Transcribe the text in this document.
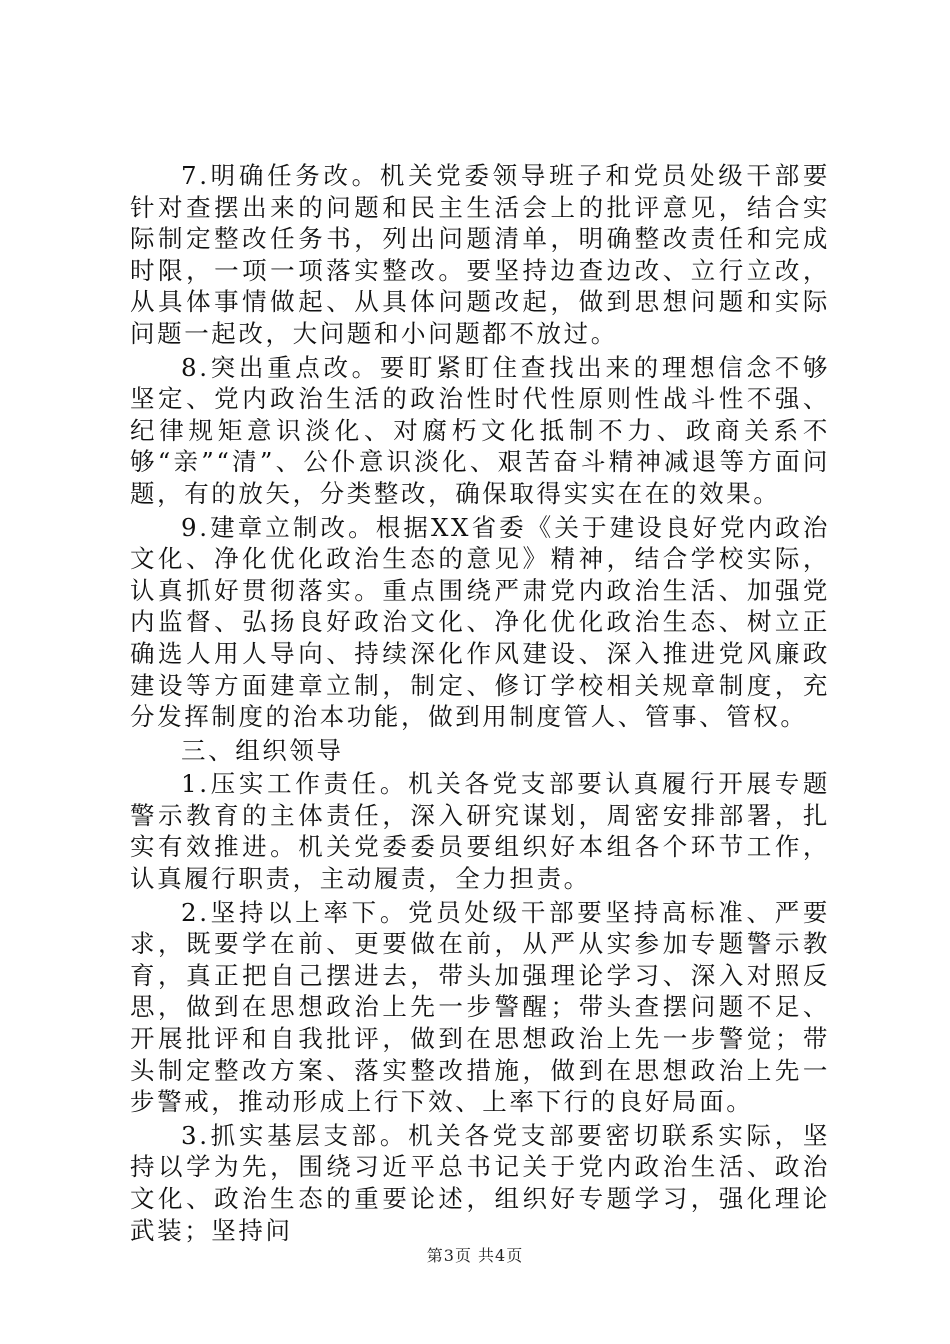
7.明确任务改。机关党委领导班子和党员处级干部要针对查摆出来的问题和民主生活会上的批评意见，结合实际制定整改任务书，列出问题清单，明确整改责任和完成时限，一项一项落实整改。要坚持边查边改、立行立改，从具体事情做起、从具体问题改起，做到思想问题和实际问题一起改，大问题和小问题都不放过。

8.突出重点改。要盯紧盯住查找出来的理想信念不够坚定、党内政治生活的政治性时代性原则性战斗性不强、纪律规矩意识淡化、对腐朽文化抵制不力、政商关系不够“亲”“清”、公仆意识淡化、艰苦奋斗精神减退等方面问题，有的放矢，分类整改，确保取得实实在在的效果。

9.建章立制改。根据XX省委《关于建设良好党内政治文化、净化优化政治生态的意见》精神，结合学校实际，认真抓好贯彻落实。重点围绕严肃党内政治生活、加强党内监督、弘扬良好政治文化、净化优化政治生态、树立正确选人用人导向、持续深化作风建设、深入推进党风廉政建设等方面建章立制，制定、修订学校相关规章制度，充分发挥制度的治本功能，做到用制度管人、管事、管权。

三、组织领导

1.压实工作责任。机关各党支部要认真履行开展专题警示教育的主体责任，深入研究谋划，周密安排部署，扎实有效推进。机关党委委员要组织好本组各个环节工作，认真履行职责，主动履责，全力担责。

2.坚持以上率下。党员处级干部要坚持高标准、严要求，既要学在前、更要做在前，从严从实参加专题警示教育，真正把自己摆进去，带头加强理论学习、深入对照反思，做到在思想政治上先一步警醒；带头查摆问题不足、开展批评和自我批评，做到在思想政治上先一步警觉；带头制定整改方案、落实整改措施，做到在思想政治上先一步警戒，推动形成上行下效、上率下行的良好局面。

3.抓实基层支部。机关各党支部要密切联系实际，坚持以学为先，围绕习近平总书记关于党内政治生活、政治文化、政治生态的重要论述，组织好专题学习，强化理论武装；坚持问

第3页 共4页
